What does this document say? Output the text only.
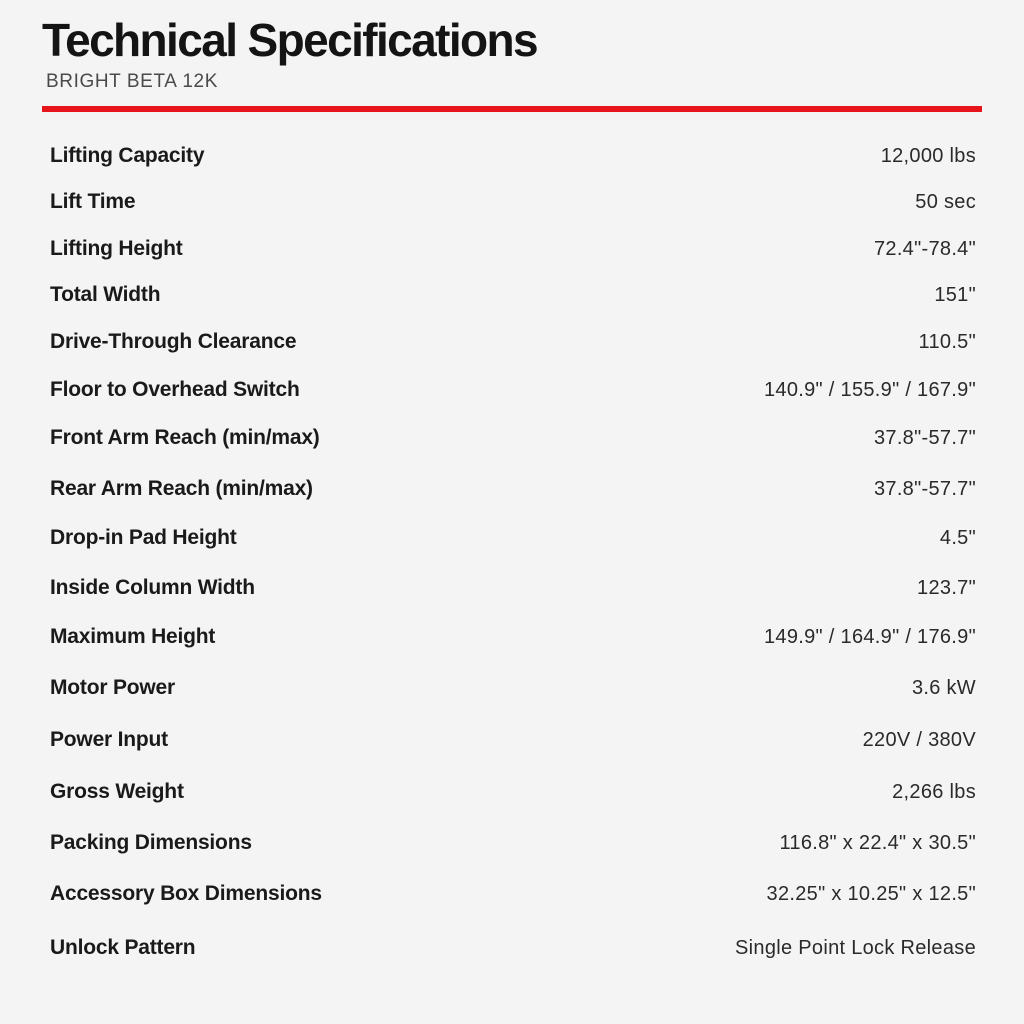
Technical Specifications
BRIGHT BETA 12K
Lifting Capacity	12,000 lbs
Lift Time	50 sec
Lifting Height	72.4"-78.4"
Total Width	151"
Drive-Through Clearance	110.5"
Floor to Overhead Switch	140.9" / 155.9" / 167.9"
Front Arm Reach (min/max)	37.8"-57.7"
Rear Arm Reach (min/max)	37.8"-57.7"
Drop-in Pad Height	4.5"
Inside Column Width	123.7"
Maximum Height	149.9" / 164.9" / 176.9"
Motor Power	3.6 kW
Power Input	220V / 380V
Gross Weight	2,266 lbs
Packing Dimensions	116.8" x 22.4" x 30.5"
Accessory Box Dimensions	32.25" x 10.25" x 12.5"
Unlock Pattern	Single Point Lock Release
